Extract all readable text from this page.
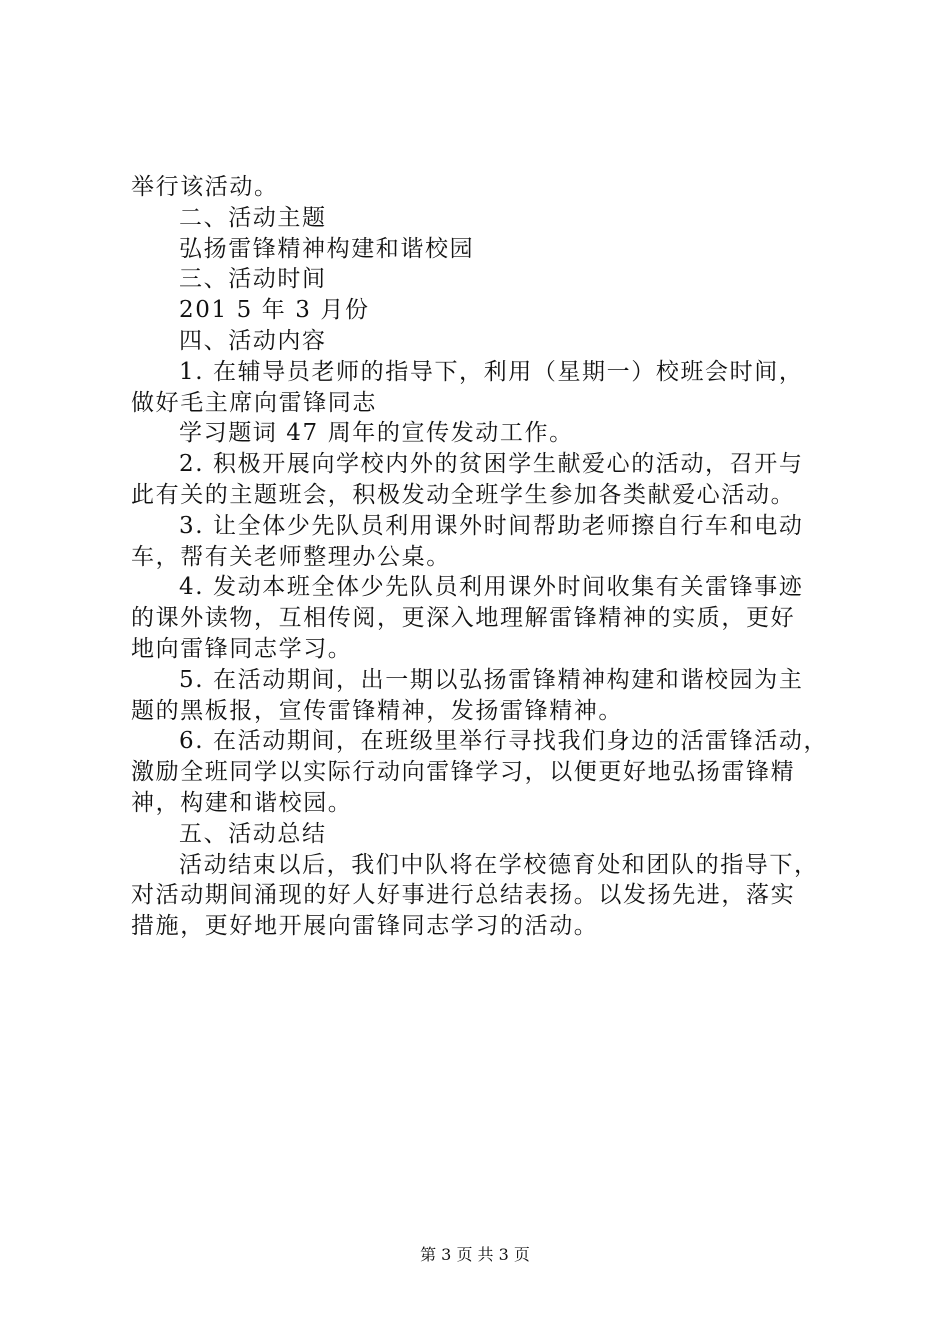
举行该活动。
二、活动主题
弘扬雷锋精神构建和谐校园
三、活动时间
201 5 年 3 月份
四、活动内容
1. 在辅导员老师的指导下，利用（星期一）校班会时间，
做好毛主席向雷锋同志
学习题词 47 周年的宣传发动工作。
2. 积极开展向学校内外的贫困学生献爱心的活动，召开与
此有关的主题班会，积极发动全班学生参加各类献爱心活动。
3. 让全体少先队员利用课外时间帮助老师擦自行车和电动
车，帮有关老师整理办公桌。
4. 发动本班全体少先队员利用课外时间收集有关雷锋事迹
的课外读物，互相传阅，更深入地理解雷锋精神的实质，更好
地向雷锋同志学习。
5. 在活动期间，出一期以弘扬雷锋精神构建和谐校园为主
题的黑板报，宣传雷锋精神，发扬雷锋精神。
6. 在活动期间，在班级里举行寻找我们身边的活雷锋活动，
激励全班同学以实际行动向雷锋学习，以便更好地弘扬雷锋精
神，构建和谐校园。
五、活动总结
活动结束以后，我们中队将在学校德育处和团队的指导下，
对活动期间涌现的好人好事进行总结表扬。以发扬先进，落实
措施，更好地开展向雷锋同志学习的活动。
第 3 页 共 3 页
